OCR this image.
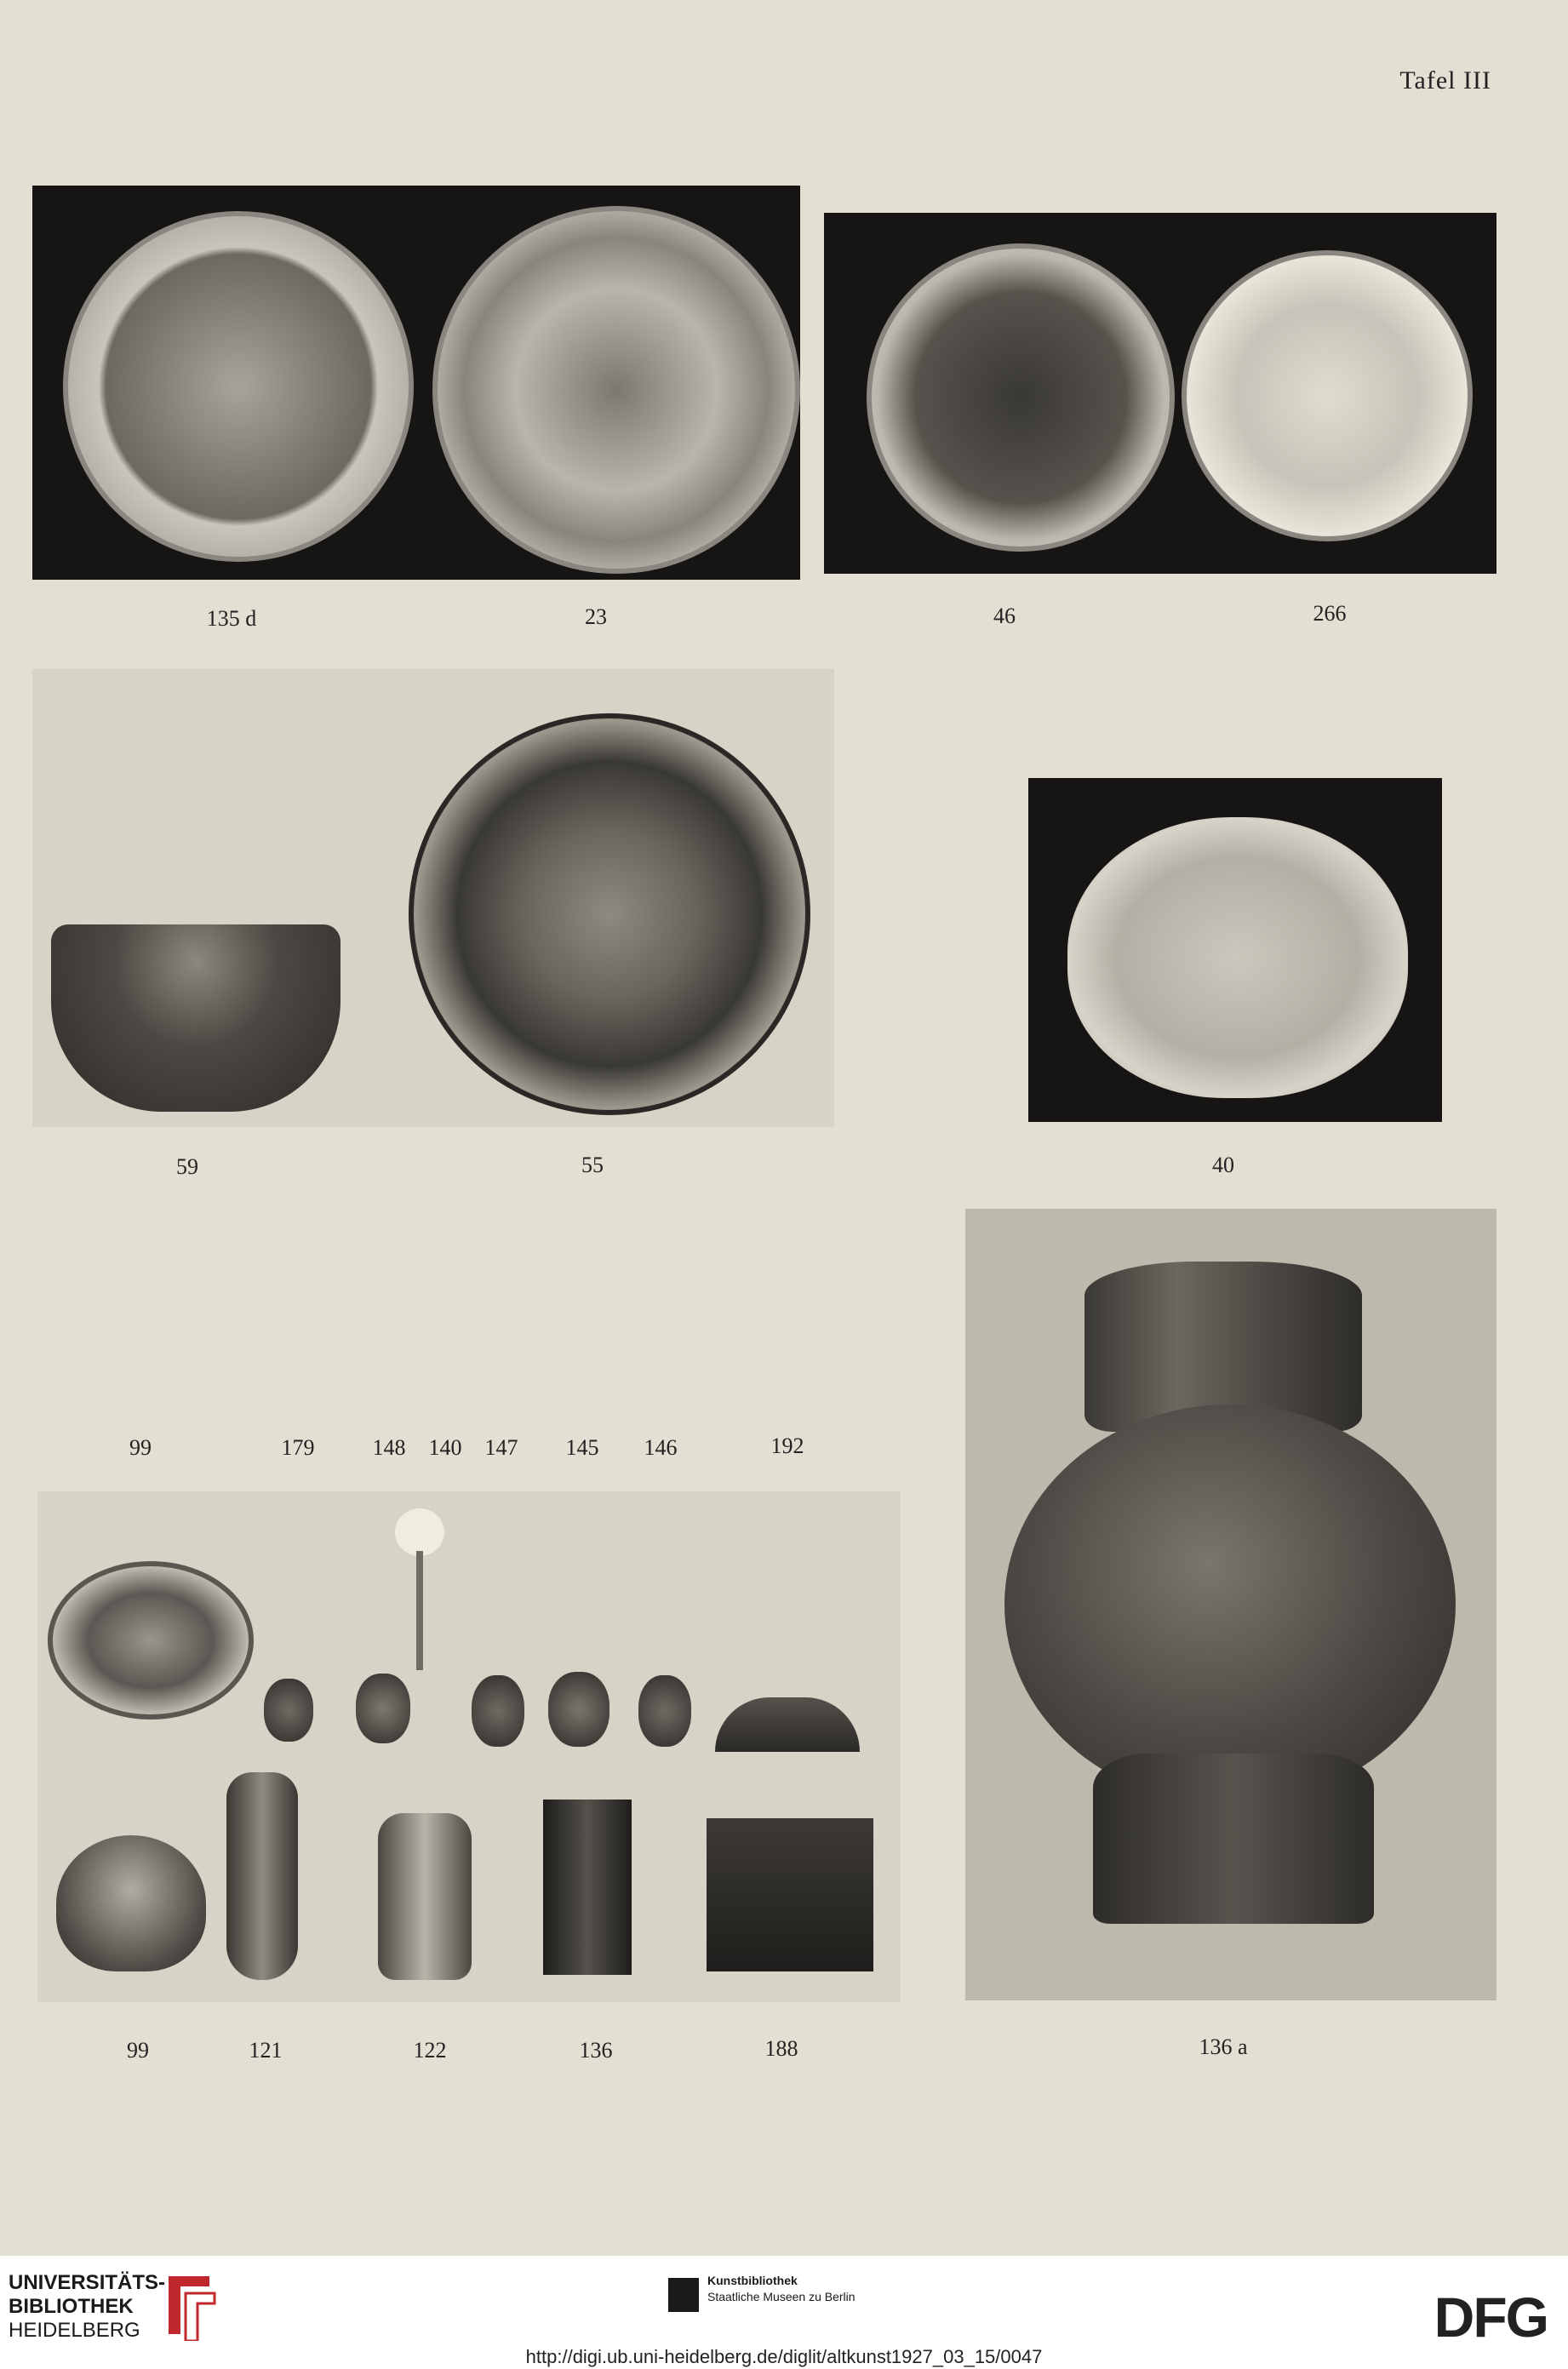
Tafel III
135 d	23	46	266
59	55	40
99	179	148 140 147 145 146	192
99	121	122	136	188	136 a
UNIVERSITÄTS-
BIBLIOTHEK
HEIDELBERG
Kunstbibliothek
Staatliche Museen zu Berlin	DFG
http://digi.ub.uni-heidelberg.de/diglit/altkunst1927_03_15/0047
